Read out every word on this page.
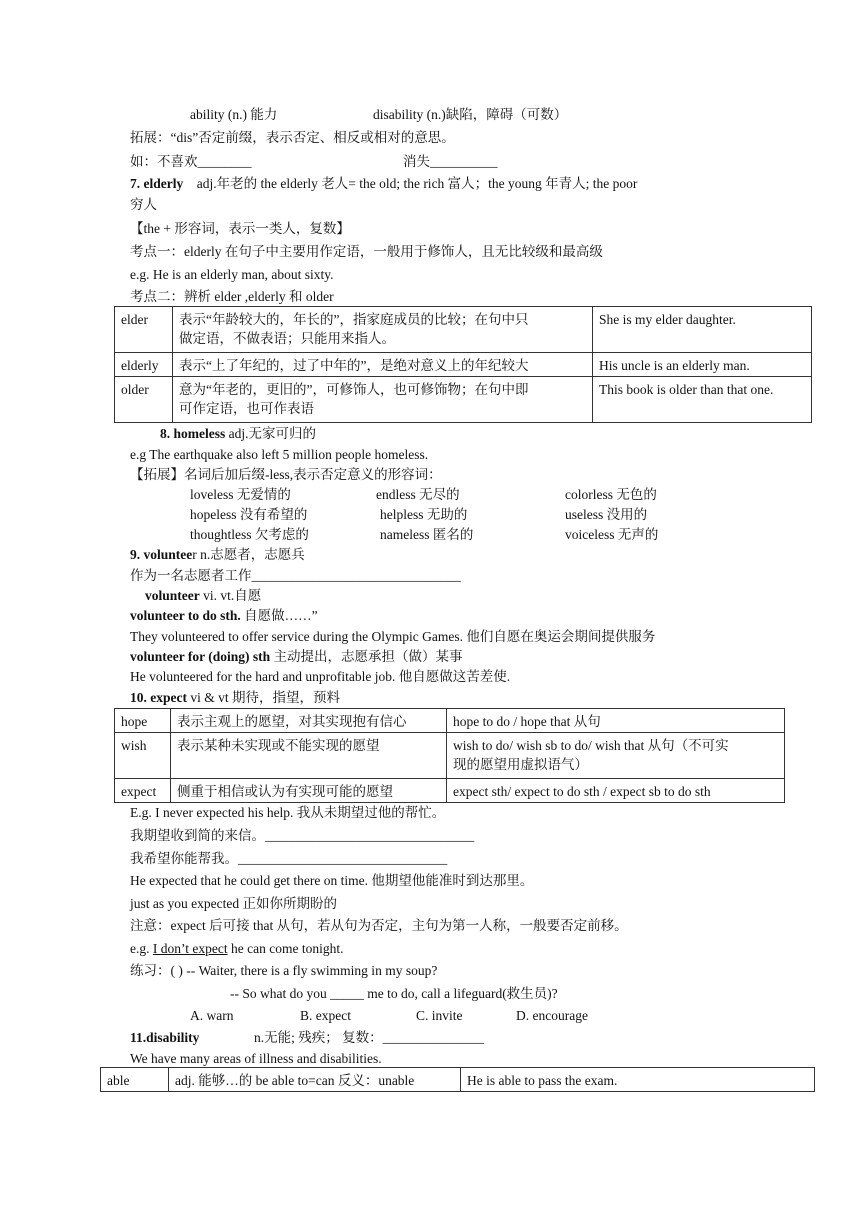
ability (n.) 能力	disability (n.)缺陷，障碍（可数）
拓展：“dis”否定前缀，表示否定、相反或相对的意思。
如：不喜欢________	消失__________
7. elderly adj.年老的 the elderly 老人= the old; the rich 富人；the young 年青人; the poor
穷人
【the + 形容词，表示一类人，复数】
考点一：elderly 在句子中主要用作定语，一般用于修饰人，且无比较级和最高级
e.g. He is an elderly man, about sixty.
考点二：辨析 elder ,elderly 和 older
elder	表示“年龄较大的，年长的”，指家庭成员的比较；在句中只
做定语，不做表语；只能用来指人。	She is my elder daughter.
elderly	表示“上了年纪的，过了中年的”，是绝对意义上的年纪较大	His uncle is an elderly man.
older	意为“年老的，更旧的”，可修饰人，也可修饰物；在句中即
可作定语，也可作表语	This book is older than that one.
8. homeless adj.无家可归的
e.g The earthquake also left 5 million people homeless.
【拓展】名词后加后缀-less,表示否定意义的形容词：
loveless 无爱情的	endless 无尽的	colorless 无色的
hopeless 没有希望的	helpless 无助的	useless 没用的
thoughtless 欠考虑的	nameless 匿名的	voiceless 无声的
9. volunteer n.志愿者，志愿兵
作为一名志愿者工作_______________________________
volunteer vi. vt.自愿
volunteer to do sth. 自愿做……”
They volunteered to offer service during the Olympic Games. 他们自愿在奥运会期间提供服务
volunteer for (doing) sth 主动提出，志愿承担（做）某事
He volunteered for the hard and unprofitable job. 他自愿做这苦差使.
10. expect vi & vt 期待，指望，预料
hope	表示主观上的愿望，对其实现抱有信心	hope to do / hope that 从句
wish	表示某种未实现或不能实现的愿望	wish to do/ wish sb to do/ wish that 从句（不可实
现的愿望用虚拟语气）
expect	侧重于相信或认为有实现可能的愿望	expect sth/ expect to do sth / expect sb to do sth
E.g. I never expected his help. 我从未期望过他的帮忙。
我期望收到简的来信。_______________________________
我希望你能帮我。_______________________________
He expected that he could get there on time. 他期望他能准时到达那里。
just as you expected 正如你所期盼的
注意：expect 后可接 that 从句，若从句为否定，主句为第一人称，一般要否定前移。
e.g. I don’t expect he can come tonight.
练习：( ) -- Waiter, there is a fly swimming in my soup?
-- So what do you _____ me to do, call a lifeguard(救生员)?
A. warn	B. expect	C. invite	D. encourage
11.disability	n.无能; 残疾； 复数：_______________
We have many areas of illness and disabilities.
able	adj. 能够…的 be able to=can 反义：unable	He is able to pass the exam.
